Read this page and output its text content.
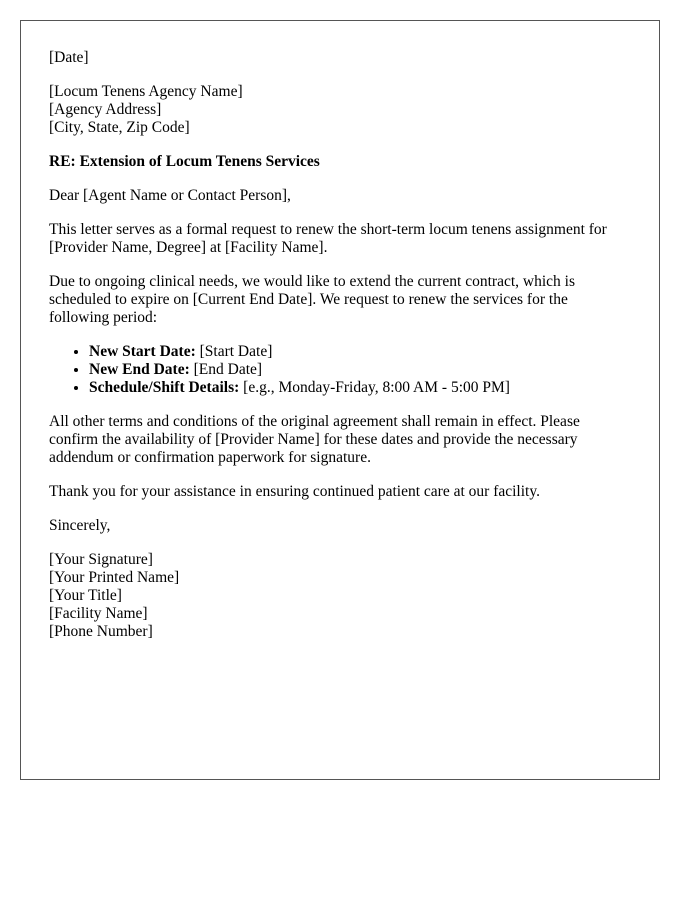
[Date]

[Locum Tenens Agency Name]
[Agency Address]
[City, State, Zip Code]

RE: Extension of Locum Tenens Services

Dear [Agent Name or Contact Person],

This letter serves as a formal request to renew the short-term locum tenens assignment for [Provider Name, Degree] at [Facility Name].

Due to ongoing clinical needs, we would like to extend the current contract, which is scheduled to expire on [Current End Date]. We request to renew the services for the following period:

• New Start Date: [Start Date]
• New End Date: [End Date]
• Schedule/Shift Details: [e.g., Monday-Friday, 8:00 AM - 5:00 PM]

All other terms and conditions of the original agreement shall remain in effect. Please confirm the availability of [Provider Name] for these dates and provide the necessary addendum or confirmation paperwork for signature.

Thank you for your assistance in ensuring continued patient care at our facility.

Sincerely,

[Your Signature]
[Your Printed Name]
[Your Title]
[Facility Name]
[Phone Number]
